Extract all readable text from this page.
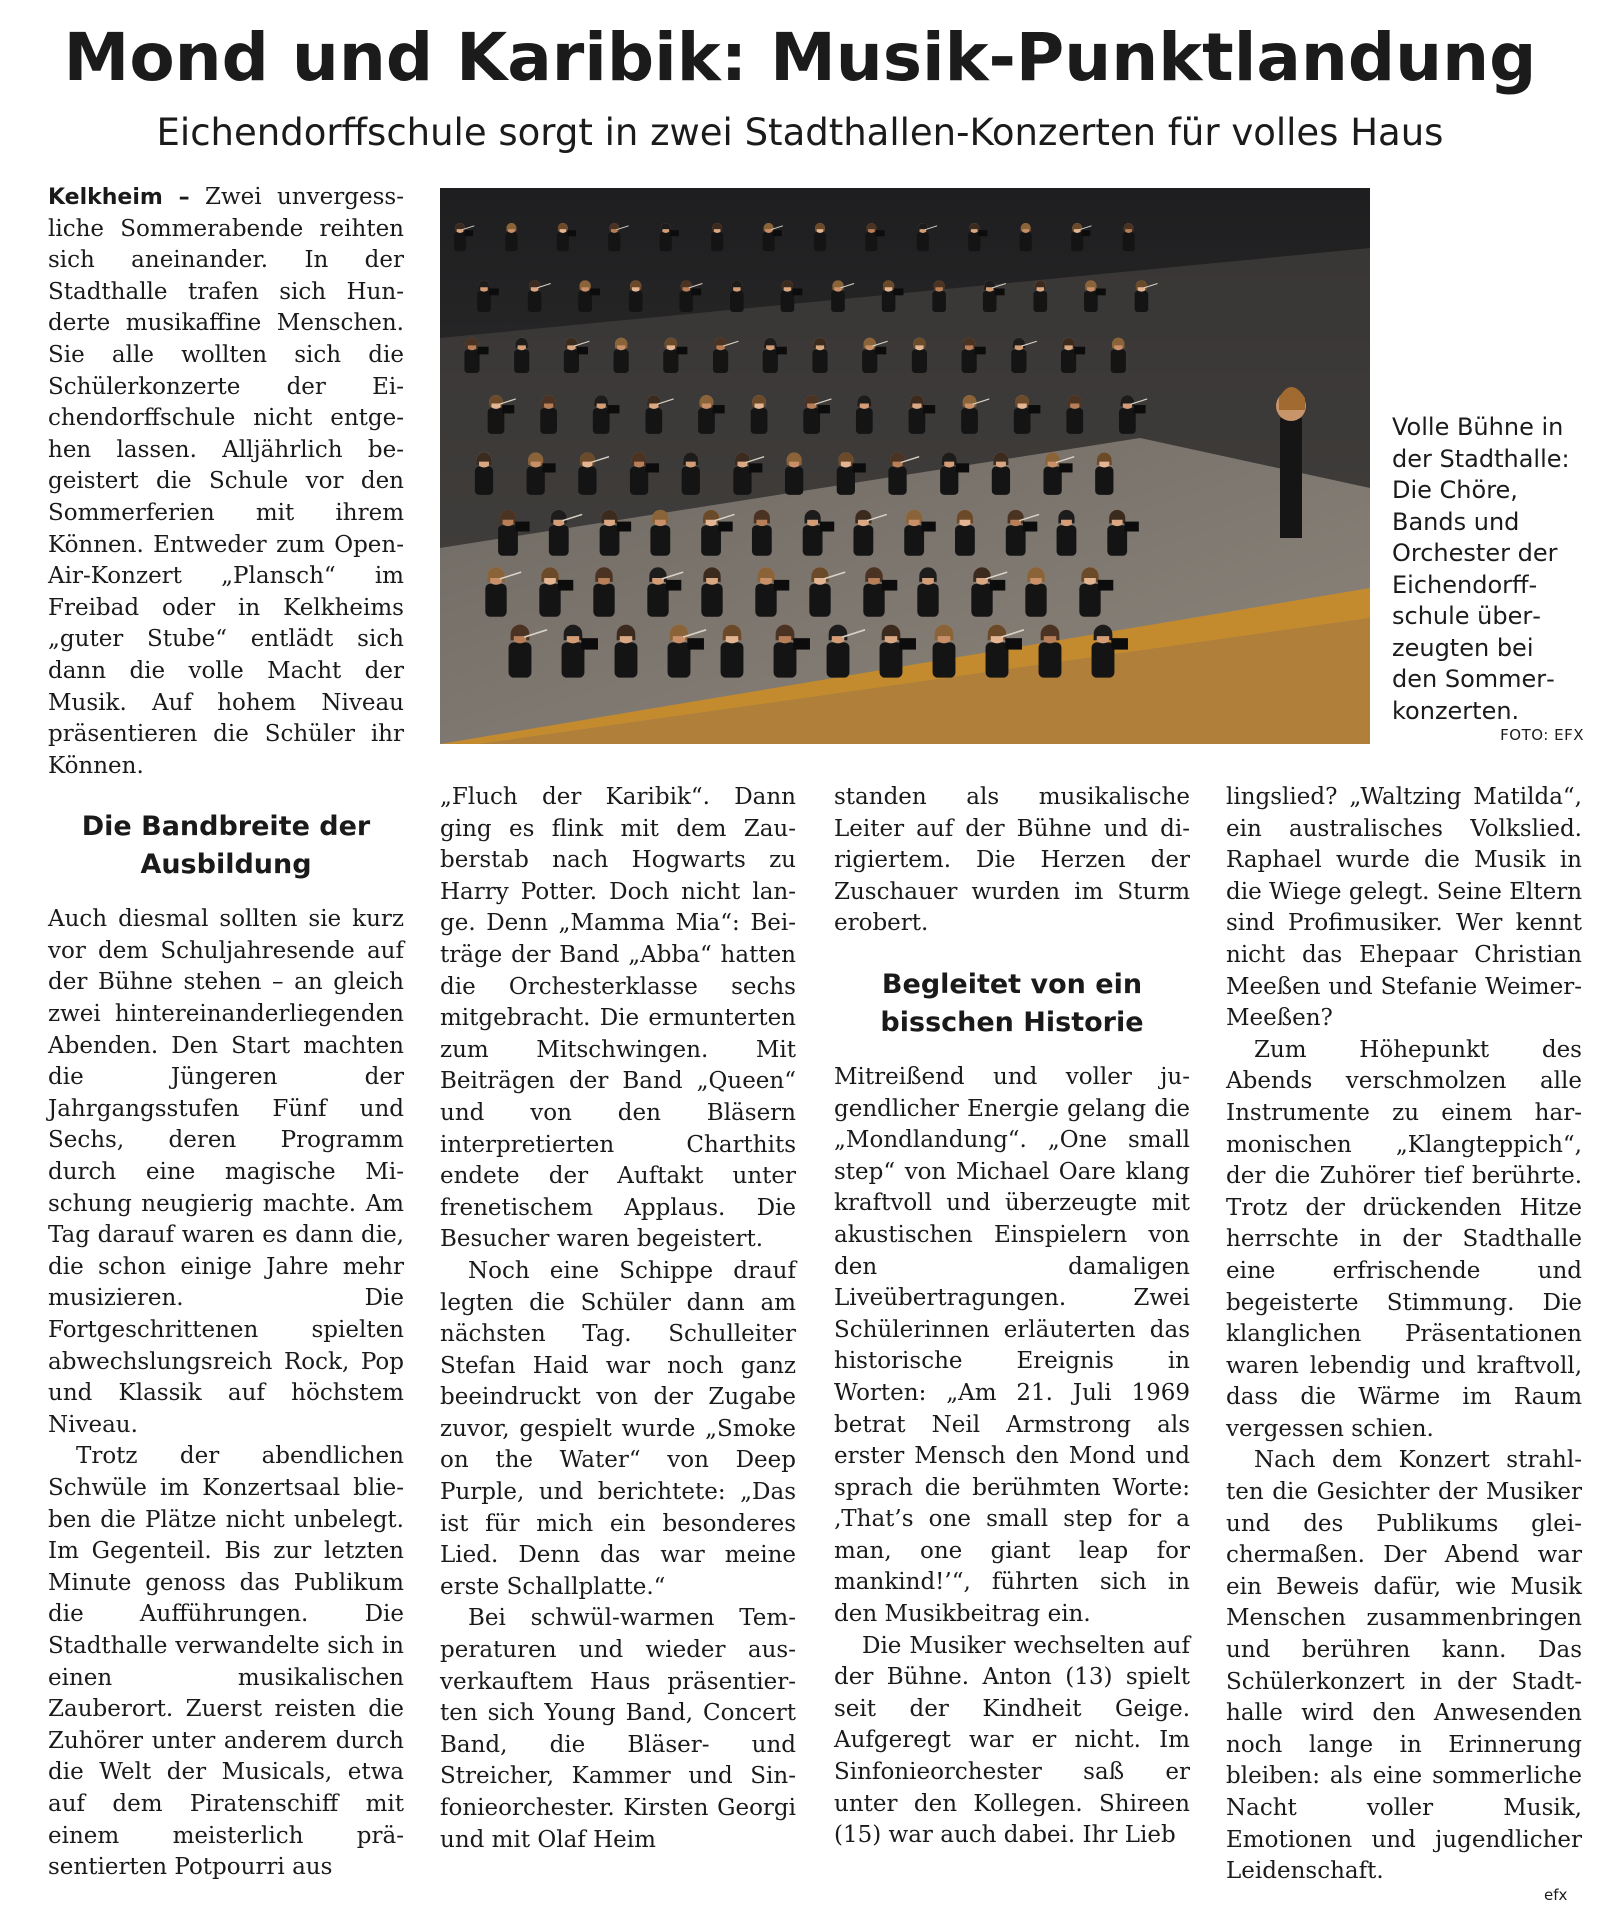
Mond und Karibik: Musik-Punktlandung
Eichendorffschule sorgt in zwei Stadthallen-Konzerten für volles Haus

Kelkheim – Zwei unvergessliche Sommerabende reihten sich aneinander. In der Stadthalle trafen sich Hunderte musikaffine Menschen. Sie alle wollten sich die Schülerkonzerte der Eichendorffschule nicht entgehen lassen. Alljährlich begeistert die Schule vor den Sommerferien mit ihrem Können. Entweder zum Open-Air-Konzert „Plansch“ im Freibad oder in Kelkheims „guter Stube“ entlädt sich dann die volle Macht der Musik. Auf hohem Niveau präsentieren die Schüler ihr Können.

Die Bandbreite der Ausbildung

Auch diesmal sollten sie kurz vor dem Schuljahresende auf der Bühne stehen – an gleich zwei hintereinanderliegenden Abenden. Den Start machten die Jüngeren der Jahrgangsstufen Fünf und Sechs, deren Programm durch eine magische Mischung neugierig machte. Am Tag darauf waren es dann die, die schon einige Jahre mehr musizieren. Die Fortgeschrittenen spielten abwechslungsreich Rock, Pop und Klassik auf höchstem Niveau.

Trotz der abendlichen Schwüle im Konzertsaal blieben die Plätze nicht unbelegt. Im Gegenteil. Bis zur letzten Minute genoss das Publikum die Aufführungen. Die Stadthalle verwandelte sich in einen musikalischen Zauberort. Zuerst reisten die Zuhörer unter anderem durch die Welt der Musicals, etwa auf dem Piratenschiff mit einem meisterlich präsentierten Potpourri aus

„Fluch der Karibik“. Dann ging es flink mit dem Zauberstab nach Hogwarts zu Harry Potter. Doch nicht lange. Denn „Mamma Mia“: Beiträge der Band „Abba“ hatten die Orchesterklasse sechs mitgebracht. Die ermunterten zum Mitschwingen. Mit Beiträgen der Band „Queen“ und von den Bläsern interpretierten Charthits endete der Auftakt unter frenetischem Applaus. Die Besucher waren begeistert.

Noch eine Schippe drauf legten die Schüler dann am nächsten Tag. Schulleiter Stefan Haid war noch ganz beeindruckt von der Zugabe zuvor, gespielt wurde „Smoke on the Water“ von Deep Purple, und berichtete: „Das ist für mich ein besonderes Lied. Denn das war meine erste Schallplatte.“

Bei schwül-warmen Temperaturen und wieder ausverkauftem Haus präsentierten sich Young Band, Concert Band, die Bläser- und Streicher, Kammer und Sinfonieorchester. Kirsten Georgi und mit Olaf Heim

standen als musikalische Leiter auf der Bühne und dirigiertem. Die Herzen der Zuschauer wurden im Sturm erobert.

Begleitet von ein bisschen Historie

Mitreißend und voller jugendlicher Energie gelang die „Mondlandung“. „One small step“ von Michael Oare klang kraftvoll und überzeugte mit akustischen Einspielern von den damaligen Liveübertragungen. Zwei Schülerinnen erläuterten das historische Ereignis in Worten: „Am 21. Juli 1969 betrat Neil Armstrong als erster Mensch den Mond und sprach die berühmten Worte: ‚That’s one small step for a man, one giant leap for mankind!’“, führten sich in den Musikbeitrag ein.

Die Musiker wechselten auf der Bühne. Anton (13) spielt seit der Kindheit Geige. Aufgeregt war er nicht. Im Sinfonieorchester saß er unter den Kollegen. Shireen (15) war auch dabei. Ihr Lieb

lingslied? „Waltzing Matilda“, ein australisches Volkslied. Raphael wurde die Musik in die Wiege gelegt. Seine Eltern sind Profimusiker. Wer kennt nicht das Ehepaar Christian Meeßen und Stefanie Weimer-Meeßen?

Zum Höhepunkt des Abends verschmolzen alle Instrumente zu einem harmonischen „Klangteppich“, der die Zuhörer tief berührte. Trotz der drückenden Hitze herrschte in der Stadthalle eine erfrischende und begeisterte Stimmung. Die klanglichen Präsentationen waren lebendig und kraftvoll, dass die Wärme im Raum vergessen schien.

Nach dem Konzert strahlten die Gesichter der Musiker und des Publikums gleichermaßen. Der Abend war ein Beweis dafür, wie Musik Menschen zusammenbringen und berühren kann. Das Schülerkonzert in der Stadthalle wird den Anwesenden noch lange in Erinnerung bleiben: als eine sommerliche Nacht voller Musik, Emotionen und jugendlicher Leidenschaft.

Volle Bühne in der Stadthalle: Die Chöre, Bands und Orchester der Eichendorffschule überzeugten bei den Sommerkonzerten.
FOTO: EFX
efx
